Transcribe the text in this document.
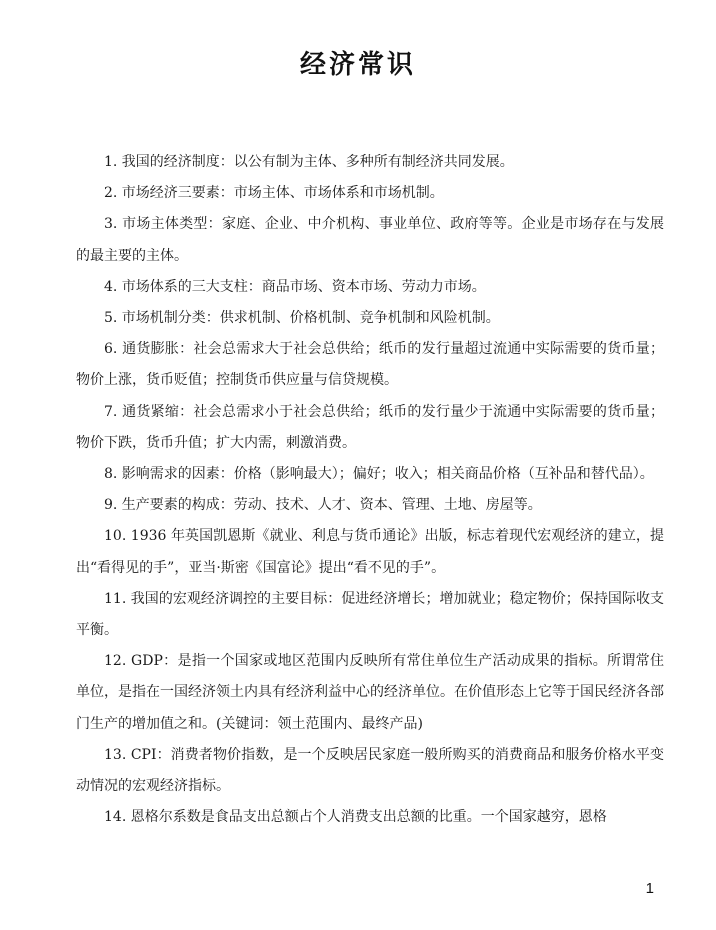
经济常识

1. 我国的经济制度：以公有制为主体、多种所有制经济共同发展。

2. 市场经济三要素：市场主体、市场体系和市场机制。

3. 市场主体类型：家庭、企业、中介机构、事业单位、政府等等。企业是市场存在与发展的最主要的主体。

4. 市场体系的三大支柱：商品市场、资本市场、劳动力市场。

5. 市场机制分类：供求机制、价格机制、竞争机制和风险机制。

6. 通货膨胀：社会总需求大于社会总供给；纸币的发行量超过流通中实际需要的货币量；物价上涨，货币贬值；控制货币供应量与信贷规模。

7. 通货紧缩：社会总需求小于社会总供给；纸币的发行量少于流通中实际需要的货币量；物价下跌，货币升值；扩大内需，刺激消费。

8. 影响需求的因素：价格（影响最大）；偏好；收入；相关商品价格（互补品和替代品）。

9. 生产要素的构成：劳动、技术、人才、资本、管理、土地、房屋等。

10. 1936 年英国凯恩斯《就业、利息与货币通论》出版，标志着现代宏观经济的建立，提出“看得见的手”，亚当·斯密《国富论》提出“看不见的手”。

11. 我国的宏观经济调控的主要目标：促进经济增长；增加就业；稳定物价；保持国际收支平衡。

12. GDP：是指一个国家或地区范围内反映所有常住单位生产活动成果的指标。所谓常住单位，是指在一国经济领土内具有经济利益中心的经济单位。在价值形态上它等于国民经济各部门生产的增加值之和。(关键词：领土范围内、最终产品)

13. CPI：消费者物价指数，是一个反映居民家庭一般所购买的消费商品和服务价格水平变动情况的宏观经济指标。

14. 恩格尔系数是食品支出总额占个人消费支出总额的比重。一个国家越穷，恩格

1
